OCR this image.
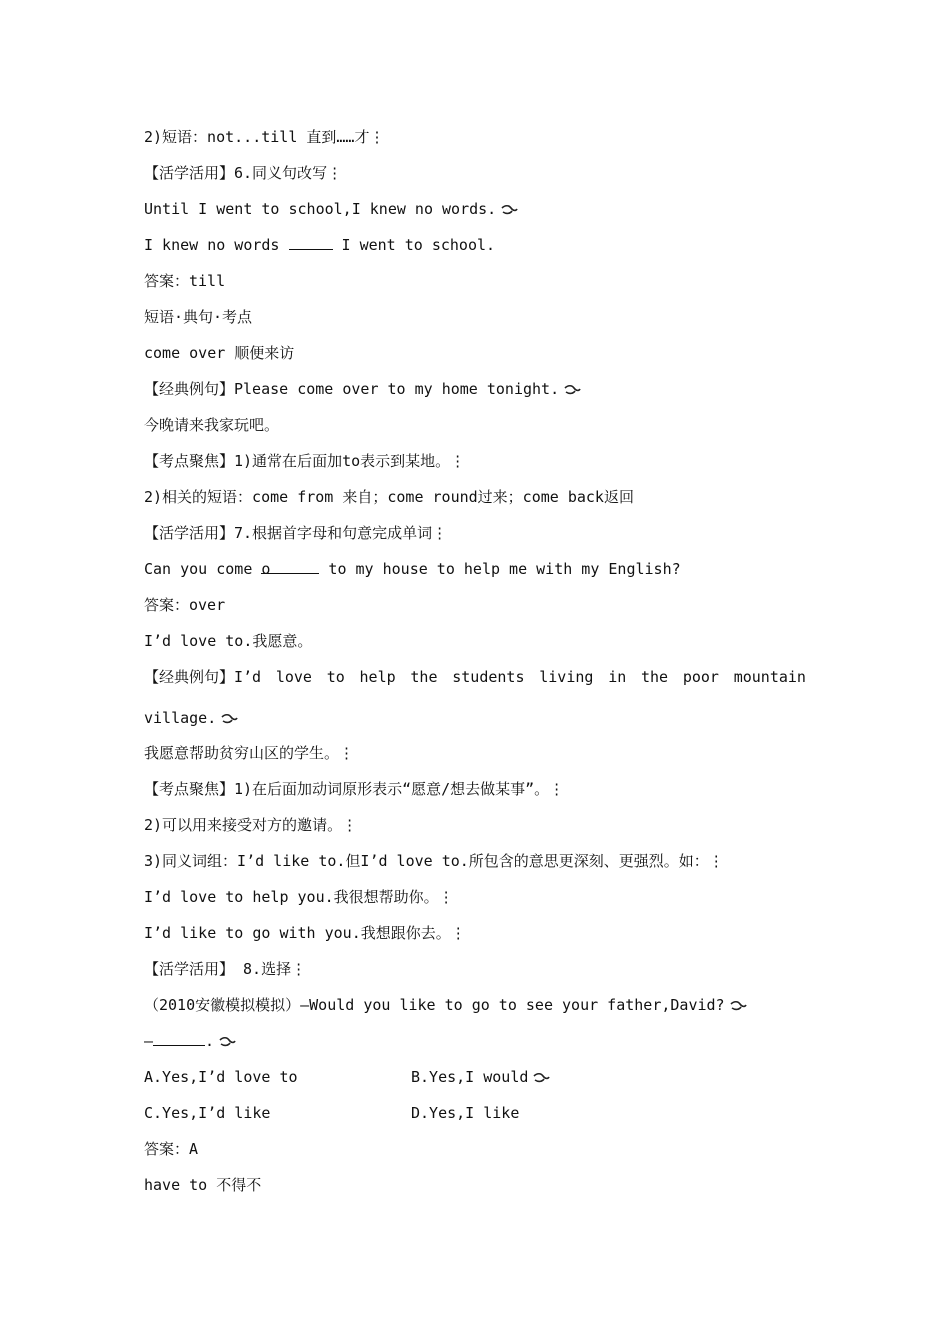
2)短语：not...till 直到……才⋮
【活学活用】6.同义句改写⋮
Until I went to school,I knew no words.
I knew no words	I went to school.
答案：till
短语·典句·考点
come over 顺便来访
【经典例句】Please come over to my home tonight.
今晚请来我家玩吧。
【考点聚焦】1)通常在后面加to表示到某地。⋮
2)相关的短语：come from 来自；come round过来；come back返回
【活学活用】7.根据首字母和句意完成单词⋮
Can you come o	to my house to help me with my English?
答案：over
I’d love to.我愿意。
【经典例句】I’d love to help the students living in the poor mountain
village.
我愿意帮助贫穷山区的学生。⋮
【考点聚焦】1)在后面加动词原形表示“愿意/想去做某事”。⋮
2)可以用来接受对方的邀请。⋮
3)同义词组：I’d like to.但I’d love to.所包含的意思更深刻、更强烈。如：⋮
I’d love to help you.我很想帮助你。⋮
I’d like to go with you.我想跟你去。⋮
【活学活用】 8.选择⋮
（2010安徽模拟模拟）—Would you like to go to see your father,David?
—	.
A.Yes,I’d love to	B.Yes,I would
C.Yes,I’d like	D.Yes,I like
答案：A
have to 不得不
